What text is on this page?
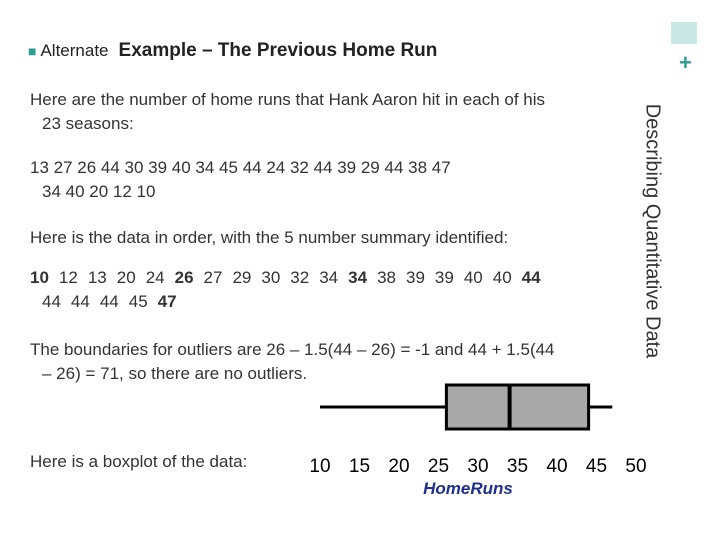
+
■ Alternate Example – The Previous Home Run
Describing Quantitative Data
Here are the number of home runs that Hank Aaron hit in each of his
23 seasons:
13 27 26 44 30 39 40 34 45 44 24 32 44 39 29 44 38 47
34 40 20 12 10
Here is the data in order, with the 5 number summary identified:
10 12 13 20 24 26 27 29 30 32 34 34 38 39 39 40 40 44
44 44 44 45 47
The boundaries for outliers are 26 – 1.5(44 – 26) = -1 and 44 + 1.5(44
– 26) = 71, so there are no outliers.
Here is a boxplot of the data:	10 15 20 25 30 35 40 45 50
HomeRuns
